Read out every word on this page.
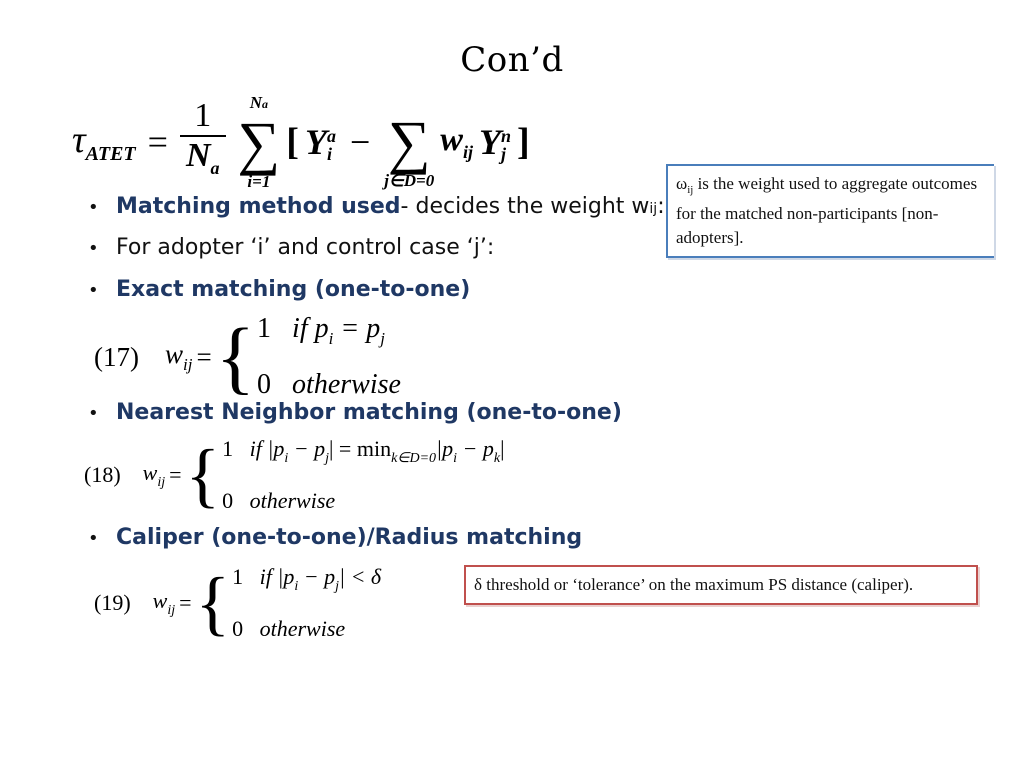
Con’d
$\tau_{ATET} = \frac{1}{N_a}$ Na
∑
i=1
[ Y a
i −
∑
j∈D=0
$w_{ij}$ Y n
j ]
$\omega_{ij}$ is the weight used to aggregate outcomes for the matched non-participants [non-adopters].
• Matching method used - decides the weight w ij :
• For adopter ‘i’ and control case ‘j’:
• Exact matching (one-to-one)
(17) $w_{ij}$ = { 1 if $p_i = p_j$
0 otherwise
• Nearest Neighbor matching (one-to-one)
(18) $w_{ij}$ = { 1 if $|p_i - p_j| = \min_{k\in D=0}|p_i - p_k|$
0 otherwise
• Caliper (one-to-one)/Radius matching
(19) $w_{ij}$ = { 1 if $|p_i - p_j| < \delta$
0 otherwise
δ threshold or ‘tolerance’ on the maximum PS distance (caliper).
